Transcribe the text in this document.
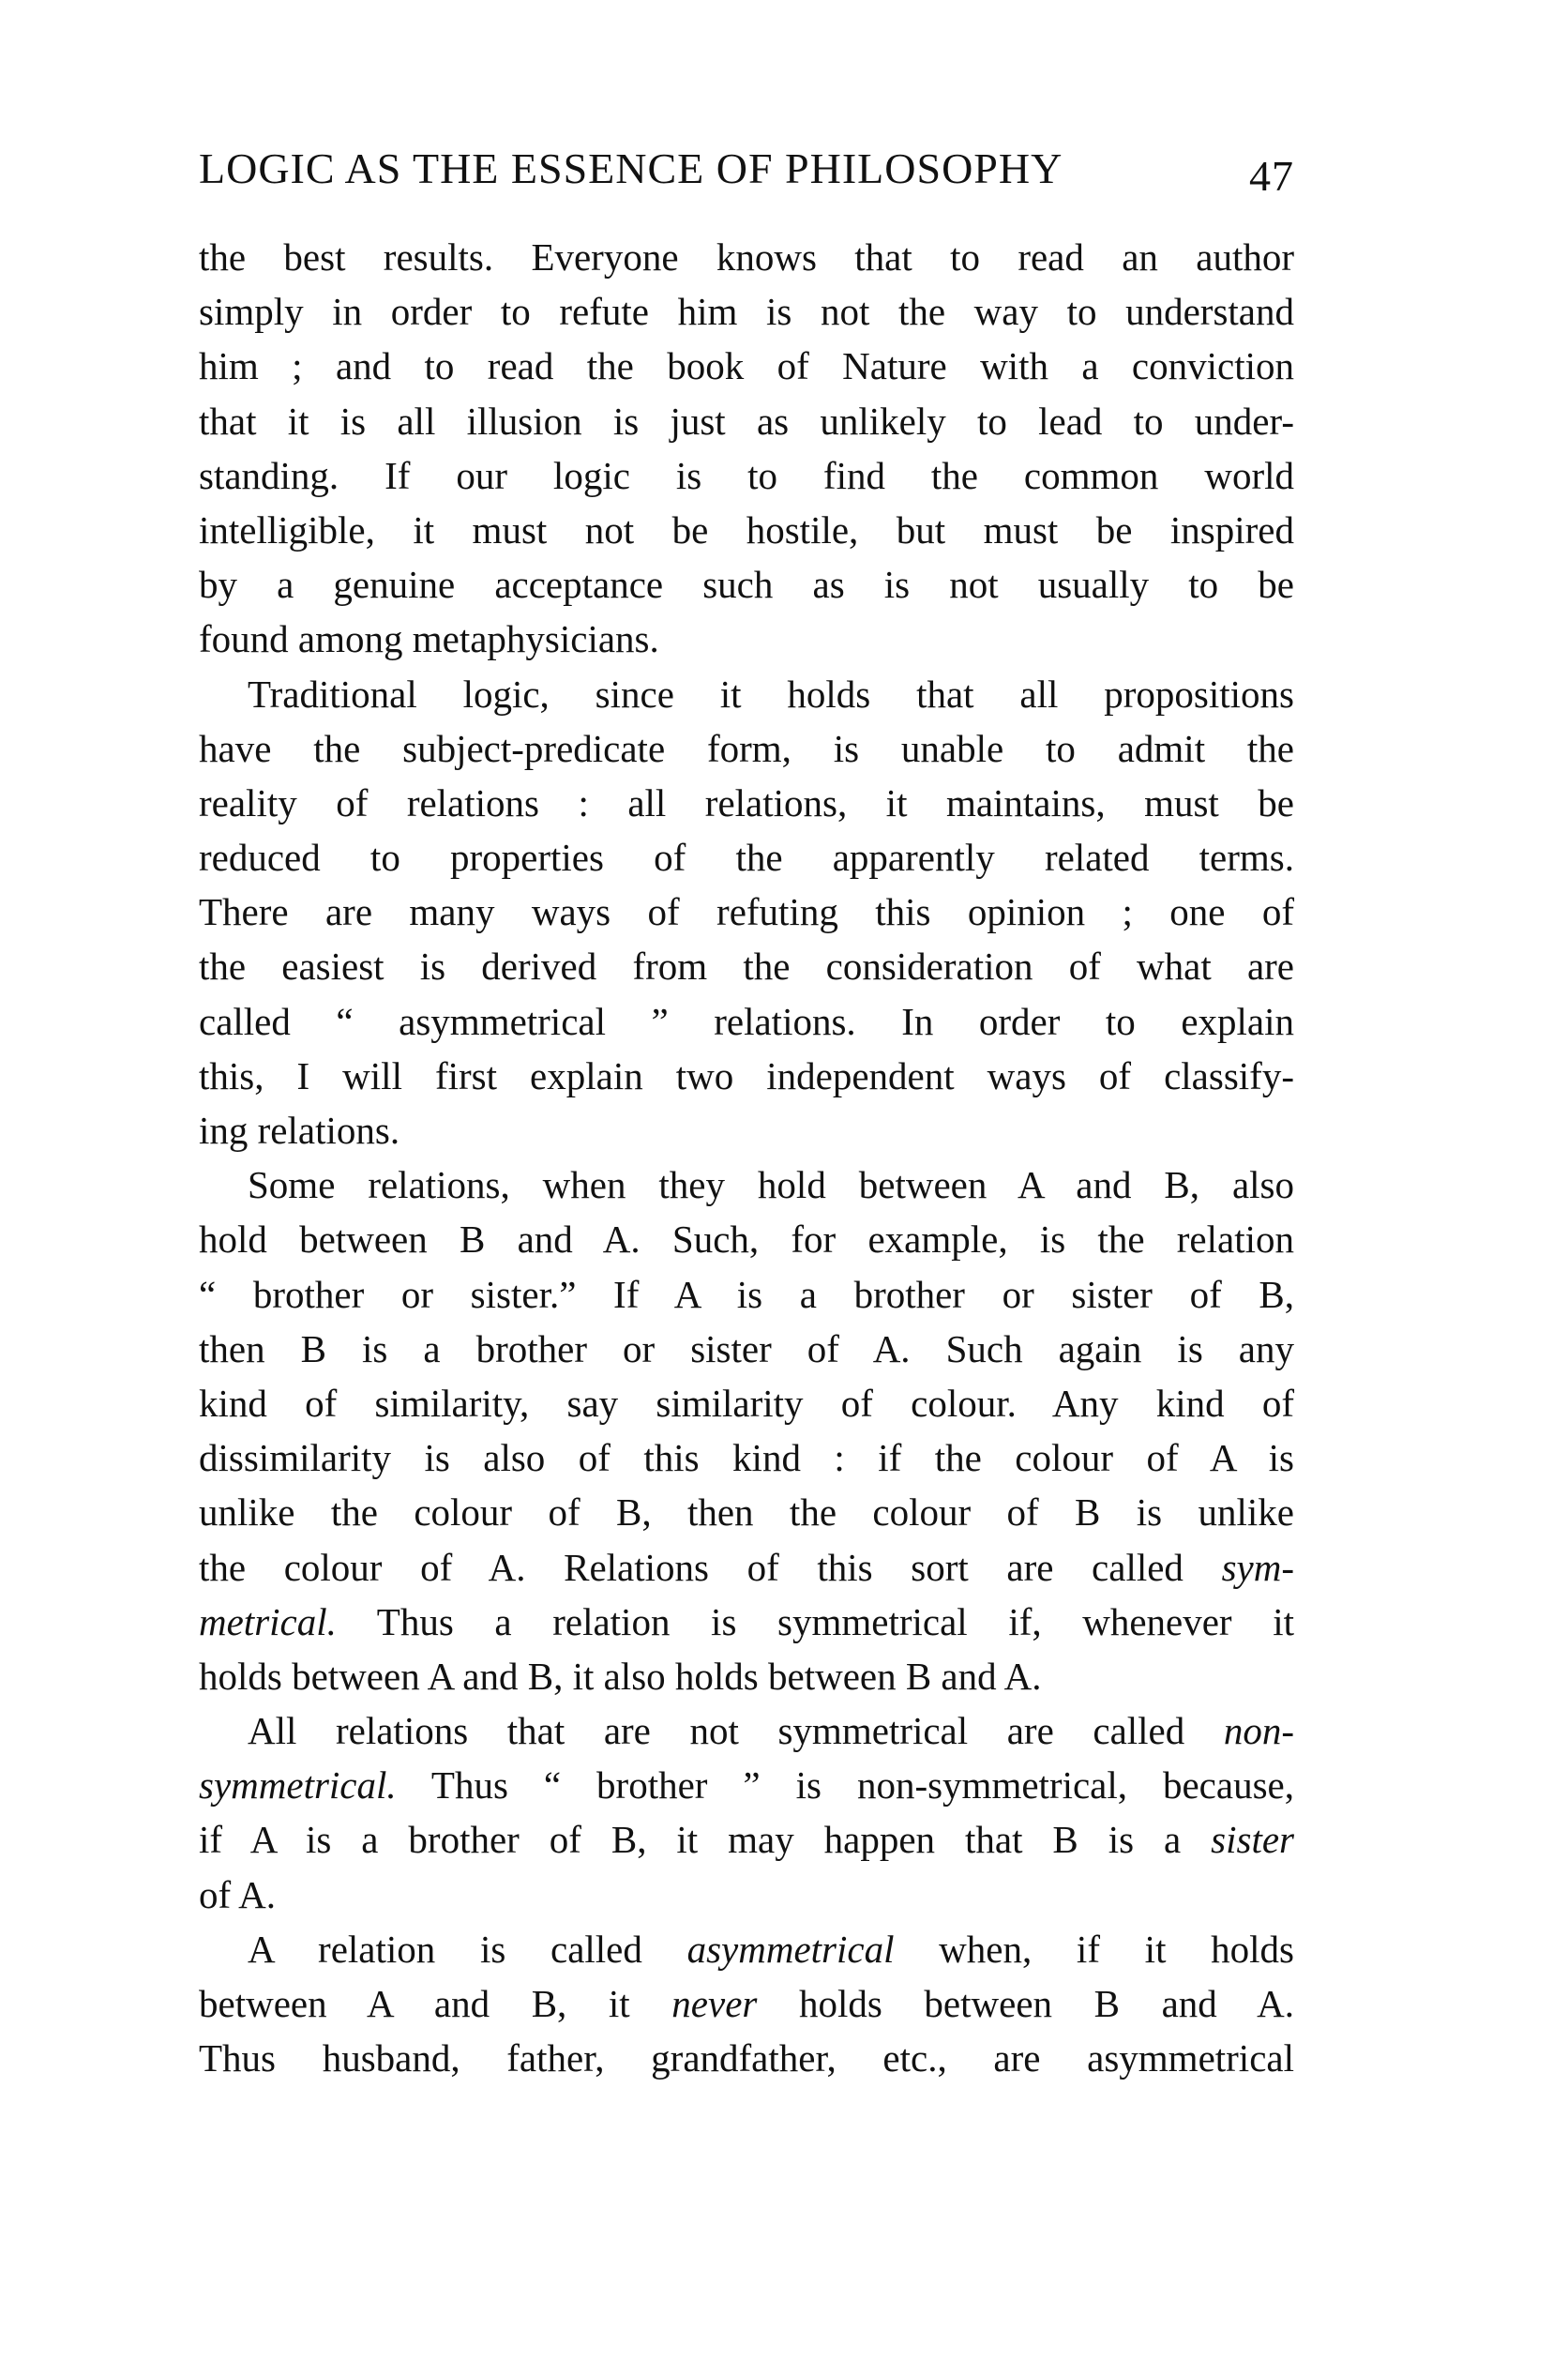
LOGIC AS THE ESSENCE OF PHILOSOPHY	47
the best results. Everyone knows that to read an author
simply in order to refute him is not the way to understand
him ; and to read the book of Nature with a conviction
that it is all illusion is just as unlikely to lead to under-
standing. If our logic is to find the common world
intelligible, it must not be hostile, but must be inspired
by a genuine acceptance such as is not usually to be
found among metaphysicians.
Traditional logic, since it holds that all propositions
have the subject-predicate form, is unable to admit the
reality of relations : all relations, it maintains, must be
reduced to properties of the apparently related terms.
There are many ways of refuting this opinion ; one of
the easiest is derived from the consideration of what are
called “ asymmetrical ” relations. In order to explain
this, I will first explain two independent ways of classify-
ing relations.
Some relations, when they hold between A and B, also
hold between B and A. Such, for example, is the relation
“ brother or sister.” If A is a brother or sister of B,
then B is a brother or sister of A. Such again is any
kind of similarity, say similarity of colour. Any kind of
dissimilarity is also of this kind : if the colour of A is
unlike the colour of B, then the colour of B is unlike
the colour of A. Relations of this sort are called sym-
metrical. Thus a relation is symmetrical if, whenever it
holds between A and B, it also holds between B and A.
All relations that are not symmetrical are called non-
symmetrical. Thus “ brother ” is non-symmetrical, because,
if A is a brother of B, it may happen that B is a sister
of A.
A relation is called asymmetrical when, if it holds
between A and B, it never holds between B and A.
Thus husband, father, grandfather, etc., are asymmetrical
